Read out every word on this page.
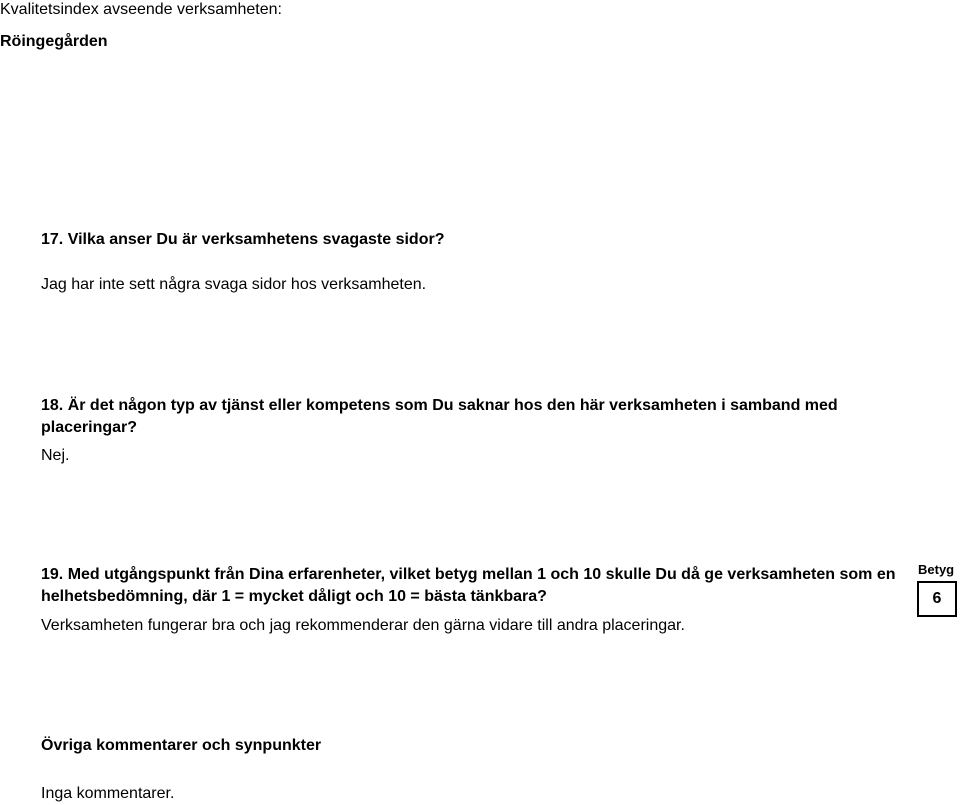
Kvalitetsindex avseende verksamheten:
Röingegården
17. Vilka anser Du är verksamhetens svagaste sidor?
Jag har inte sett några svaga sidor hos verksamheten.
18. Är det någon typ av tjänst eller kompetens som Du saknar hos den här verksamheten i samband med placeringar?
Nej.
19. Med utgångspunkt från Dina erfarenheter, vilket betyg mellan 1 och 10 skulle Du då ge verksamheten som en helhetsbedömning, där 1 = mycket dåligt och 10 = bästa tänkbara?
Verksamheten fungerar bra och jag rekommenderar den gärna vidare till andra placeringar.
Betyg
6
Övriga kommentarer och synpunkter
Inga kommentarer.
